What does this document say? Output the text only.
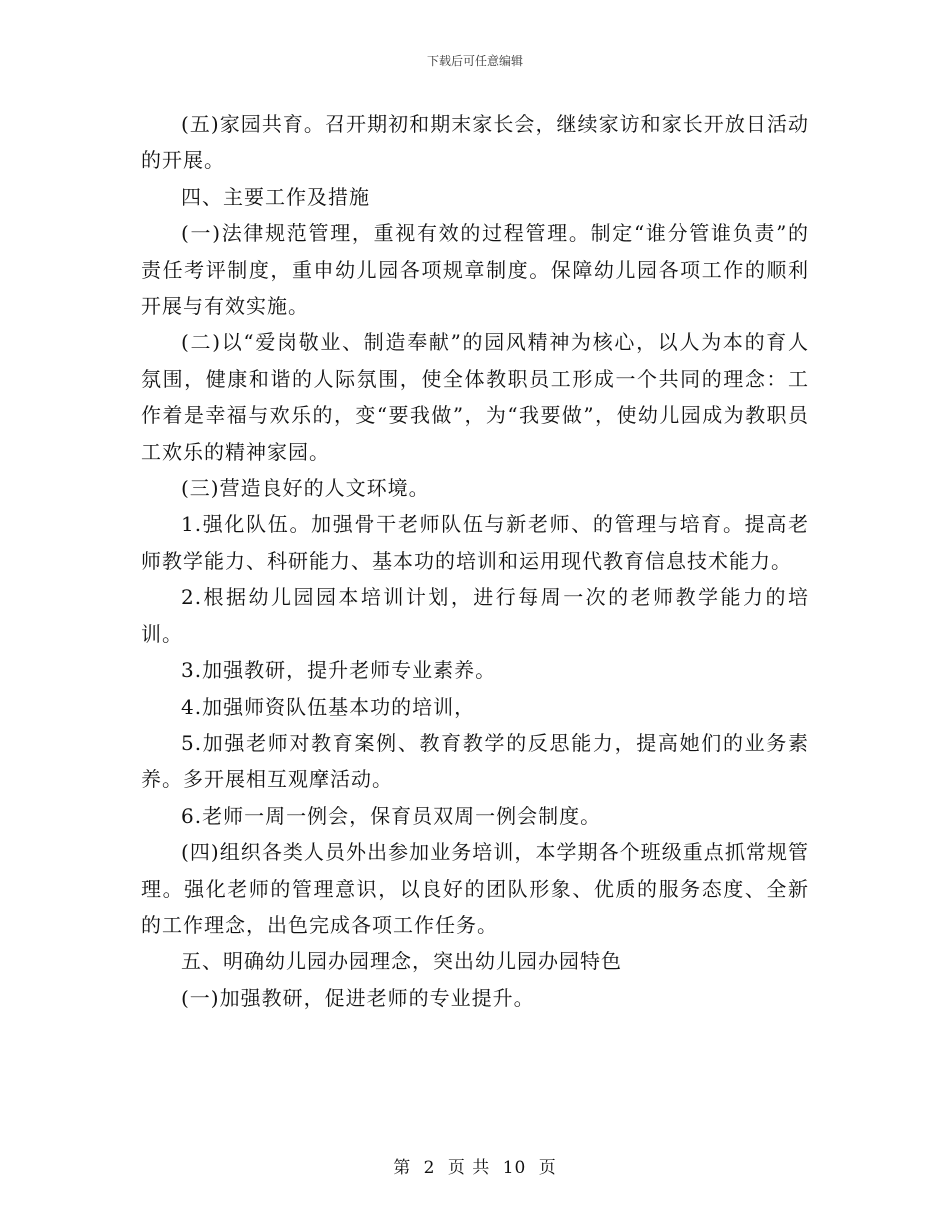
下载后可任意编辑

(五)家园共育。召开期初和期末家长会，继续家访和家长开放日活动的开展。

四、主要工作及措施

(一)法律规范管理，重视有效的过程管理。制定“谁分管谁负责”的责任考评制度，重申幼儿园各项规章制度。保障幼儿园各项工作的顺利开展与有效实施。

(二)以“爱岗敬业、制造奉献”的园风精神为核心，以人为本的育人氛围，健康和谐的人际氛围，使全体教职员工形成一个共同的理念：工作着是幸福与欢乐的，变“要我做”，为“我要做”，使幼儿园成为教职员工欢乐的精神家园。

(三)营造良好的人文环境。

1.强化队伍。加强骨干老师队伍与新老师、的管理与培育。提高老师教学能力、科研能力、基本功的培训和运用现代教育信息技术能力。

2.根据幼儿园园本培训计划，进行每周一次的老师教学能力的培训。

3.加强教研，提升老师专业素养。

4.加强师资队伍基本功的培训，

5.加强老师对教育案例、教育教学的反思能力，提高她们的业务素养。多开展相互观摩活动。

6.老师一周一例会，保育员双周一例会制度。

(四)组织各类人员外出参加业务培训，本学期各个班级重点抓常规管理。强化老师的管理意识，以良好的团队形象、优质的服务态度、全新的工作理念，出色完成各项工作任务。

五、明确幼儿园办园理念，突出幼儿园办园特色

(一)加强教研，促进老师的专业提升。

第 2 页 共 10 页
